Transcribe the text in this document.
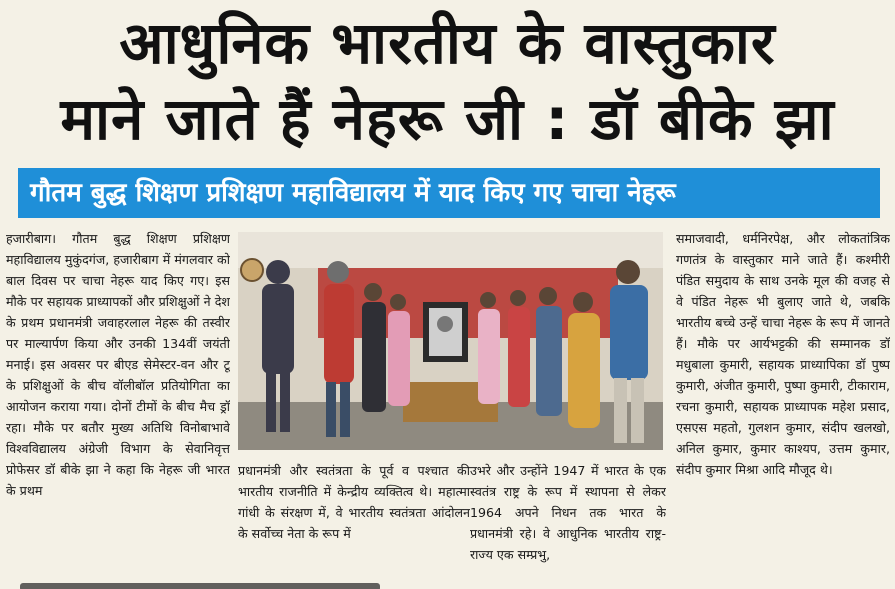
आधुनिक भारतीय के वास्तुकार
माने जाते हैं नेहरू जी : डॉ बीके झा
गौतम बुद्ध शिक्षण प्रशिक्षण महाविद्यालय में याद किए गए चाचा नेहरू
हजारीबाग। गौतम बुद्ध शिक्षण प्रशिक्षण महाविद्यालय मुकुंदगंज, हजारीबाग में मंगलवार को बाल दिवस पर चाचा नेहरू याद किए गए। इस मौके पर सहायक प्राध्यापकों और प्रशिक्षुओं ने देश के प्रथम प्रधानमंत्री जवाहरलाल नेहरू की तस्वीर पर माल्यार्पण किया और उनकी 134वीं जयंती मनाई। इस अवसर पर बीएड सेमेस्टर-वन और टू के प्रशिक्षुओं के बीच वॉलीबॉल प्रतियोगिता का आयोजन कराया गया। दोनों टीमों के बीच मैच ड्रॉ रहा। मौके पर बतौर मुख्य अतिथि विनोबाभावे विश्वविद्यालय अंग्रेजी विभाग के सेवानिवृत्त प्रोफेसर डॉ बीके झा ने कहा कि नेहरू जी भारत के प्रथम
प्रधानमंत्री और स्वतंत्रता के पूर्व व पश्चात की भारतीय राजनीति में केन्द्रीय व्यक्तित्व थे। महात्मा गांधी के संरक्षण में, वे भारतीय स्वतंत्रता आंदोलन के सर्वोच्च नेता के रूप में
उभरे और उन्होंने 1947 में भारत के एक स्वतंत्र राष्ट्र के रूप में स्थापना से लेकर 1964 अपने निधन तक भारत के प्रधानमंत्री रहे। वे आधुनिक भारतीय राष्ट्र-राज्य एक सम्प्रभु,
समाजवादी, धर्मनिरपेक्ष, और लोकतांत्रिक गणतंत्र के वास्तुकार माने जाते हैं। कश्मीरी पंडित समुदाय के साथ उनके मूल की वजह से वे पंडित नेहरू भी बुलाए जाते थे, जबकि भारतीय बच्चे उन्हें चाचा नेहरू के रूप में जानते हैं। मौके पर आर्यभट्टकी की सम्मानक डॉ मधुबाला कुमारी, सहायक प्राध्यापिका डॉ पुष्प कुमारी, अंजीत कुमारी, पुष्पा कुमारी, टीकाराम, रचना कुमारी, सहायक प्राध्यापक महेश प्रसाद, एसएस महतो, गुलशन कुमार, संदीप खलखो, अनिल कुमार, कुमार काश्यप, उत्तम कुमार, संदीप कुमार मिश्रा आदि मौजूद थे।
